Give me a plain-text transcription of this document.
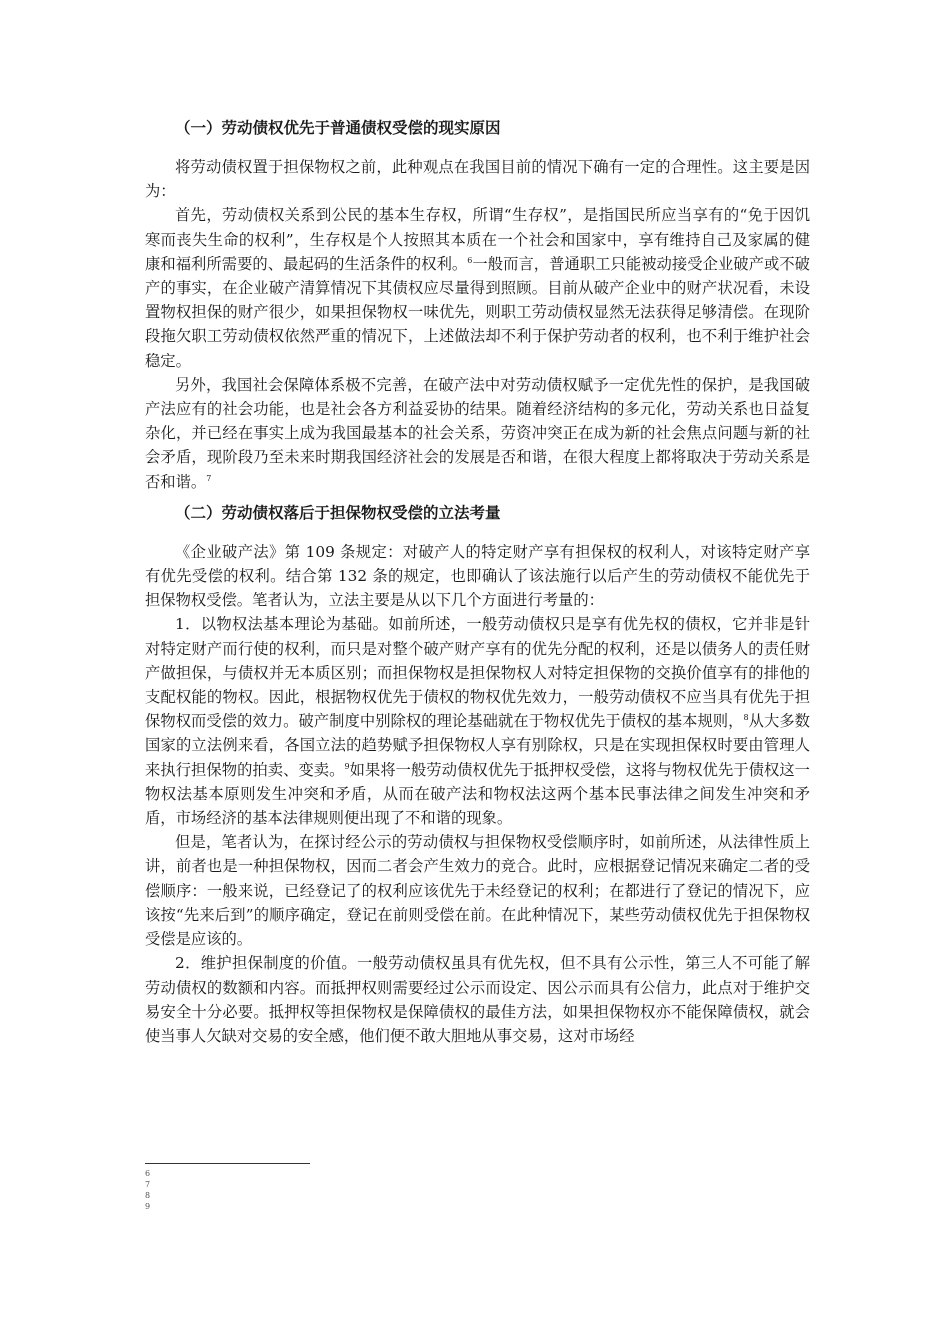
（一）劳动债权优先于普通债权受偿的现实原因

将劳动债权置于担保物权之前，此种观点在我国目前的情况下确有一定的合理性。这主要是因为：

首先，劳动债权关系到公民的基本生存权，所谓“生存权”，是指国民所应当享有的“免于因饥寒而丧失生命的权利”，生存权是个人按照其本质在一个社会和国家中，享有维持自己及家属的健康和福利所需要的、最起码的生活条件的权利。$^6$一般而言，普通职工只能被动接受企业破产或不破产的事实，在企业破产清算情况下其债权应尽量得到照顾。目前从破产企业中的财产状况看，未设置物权担保的财产很少，如果担保物权一味优先，则职工劳动债权显然无法获得足够清偿。在现阶段拖欠职工劳动债权依然严重的情况下，上述做法却不利于保护劳动者的权利，也不利于维护社会稳定。

另外，我国社会保障体系极不完善，在破产法中对劳动债权赋予一定优先性的保护，是我国破产法应有的社会功能，也是社会各方利益妥协的结果。随着经济结构的多元化，劳动关系也日益复杂化，并已经在事实上成为我国最基本的社会关系，劳资冲突正在成为新的社会焦点问题与新的社会矛盾，现阶段乃至未来时期我国经济社会的发展是否和谐，在很大程度上都将取决于劳动关系是否和谐。$^7$

（二）劳动债权落后于担保物权受偿的立法考量

《企业破产法》第 109 条规定：对破产人的特定财产享有担保权的权利人，对该特定财产享有优先受偿的权利。结合第 132 条的规定，也即确认了该法施行以后产生的劳动债权不能优先于担保物权受偿。笔者认为，立法主要是从以下几个方面进行考量的：

1．以物权法基本理论为基础。如前所述，一般劳动债权只是享有优先权的债权，它并非是针对特定财产而行使的权利，而只是对整个破产财产享有的优先分配的权利，还是以债务人的责任财产做担保，与债权并无本质区别；而担保物权是担保物权人对特定担保物的交换价值享有的排他的支配权能的物权。因此，根据物权优先于债权的物权优先效力，一般劳动债权不应当具有优先于担保物权而受偿的效力。破产制度中别除权的理论基础就在于物权优先于债权的基本规则，$^8$从大多数国家的立法例来看，各国立法的趋势赋予担保物权人享有别除权，只是在实现担保权时要由管理人来执行担保物的拍卖、变卖。$^9$如果将一般劳动债权优先于抵押权受偿，这将与物权优先于债权这一物权法基本原则发生冲突和矛盾，从而在破产法和物权法这两个基本民事法律之间发生冲突和矛盾，市场经济的基本法律规则便出现了不和谐的现象。

但是，笔者认为，在探讨经公示的劳动债权与担保物权受偿顺序时，如前所述，从法律性质上讲，前者也是一种担保物权，因而二者会产生效力的竞合。此时，应根据登记情况来确定二者的受偿顺序：一般来说，已经登记了的权利应该优先于未经登记的权利；在都进行了登记的情况下，应该按“先来后到”的顺序确定，登记在前则受偿在前。在此种情况下，某些劳动债权优先于担保物权受偿是应该的。

2．维护担保制度的价值。一般劳动债权虽具有优先权，但不具有公示性，第三人不可能了解劳动债权的数额和内容。而抵押权则需要经过公示而设定、因公示而具有公信力，此点对于维护交易安全十分必要。抵押权等担保物权是保障债权的最佳方法，如果担保物权亦不能保障债权，就会使当事人欠缺对交易的安全感，他们便不敢大胆地从事交易，这对市场经

6

7

8

9
